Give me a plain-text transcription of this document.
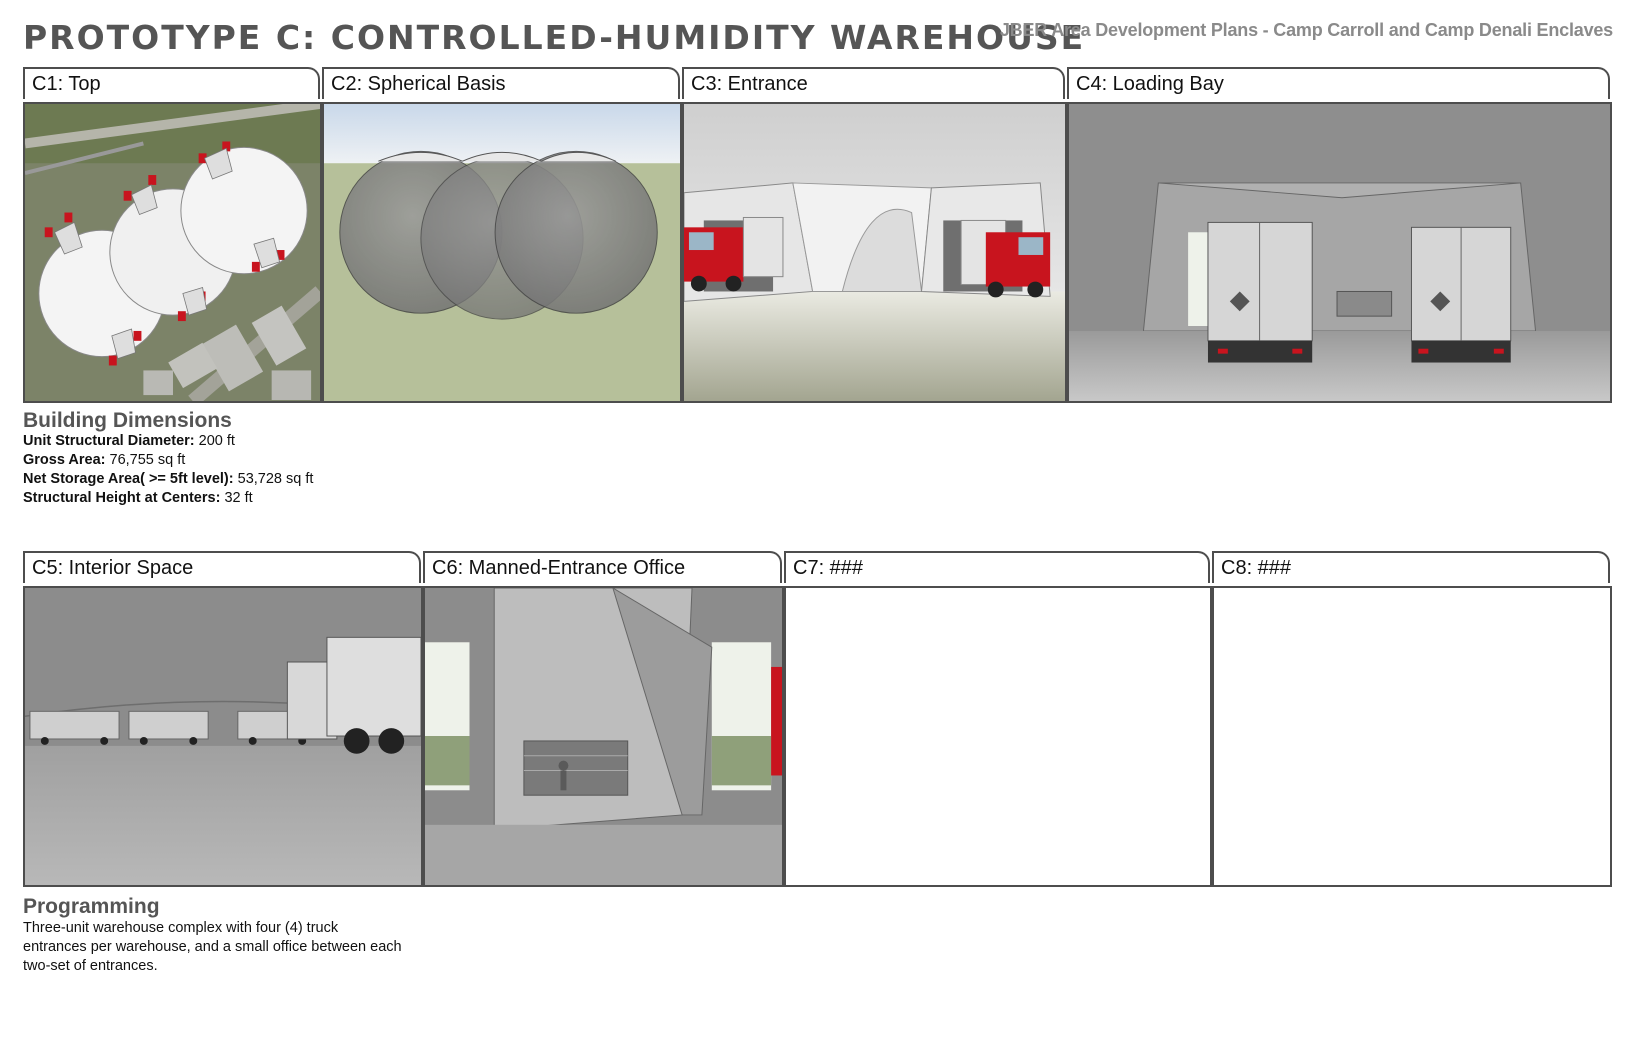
PROTOTYPE C: CONTROLLED-HUMIDITY WAREHOUSE
JBER Area Development Plans - Camp Carroll and Camp Denali Enclaves
C1: Top	C2: Spherical Basis	C3: Entrance	C4: Loading Bay
Building Dimensions
Unit Structural Diameter: 200 ft
Gross Area: 76,755 sq ft
Net Storage Area( >= 5ft level): 53,728 sq ft
Structural Height at Centers: 32 ft
C5: Interior Space	C6: Manned-Entrance Office	C7: ###	C8: ###
Programming
Three-unit warehouse complex with four (4) truck entrances per warehouse, and a small office between each two-set of entrances.
